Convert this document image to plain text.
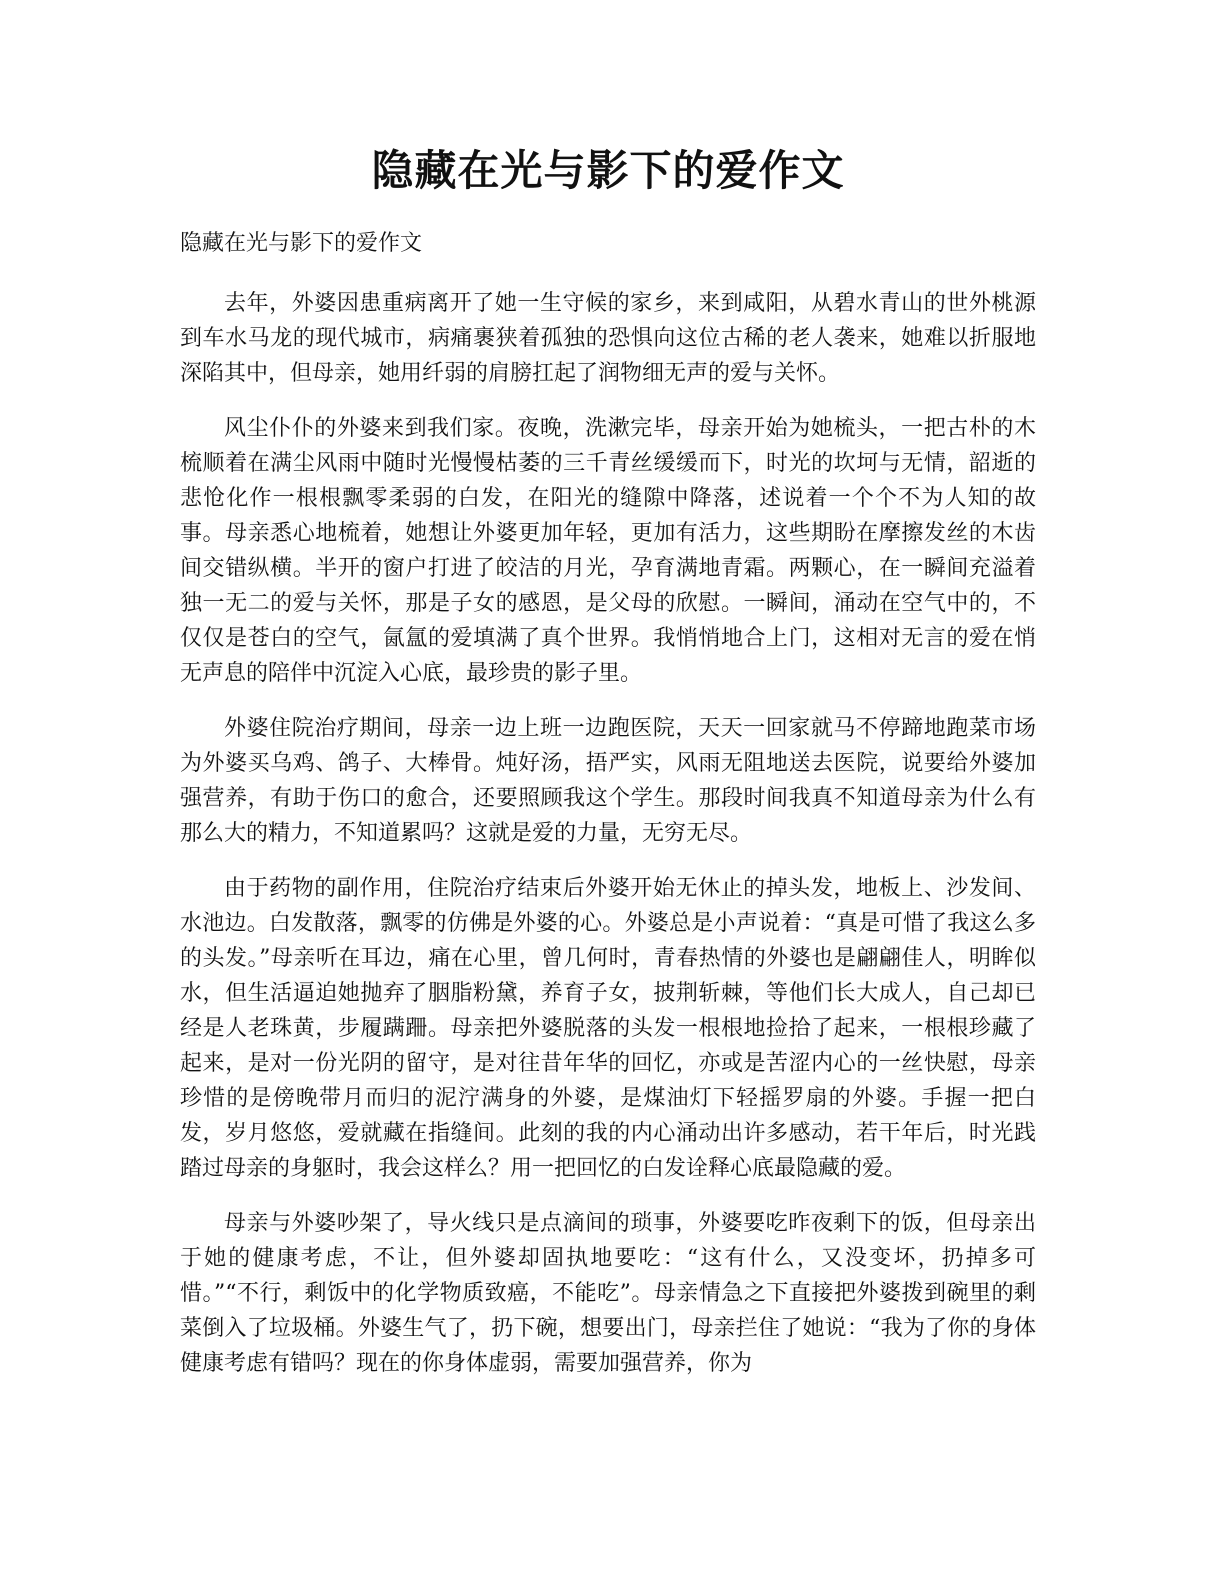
隐藏在光与影下的爱作文

隐藏在光与影下的爱作文

去年，外婆因患重病离开了她一生守候的家乡，来到咸阳，从碧水青山的世外桃源到车水马龙的现代城市，病痛裹狭着孤独的恐惧向这位古稀的老人袭来，她难以折服地深陷其中，但母亲，她用纤弱的肩膀扛起了润物细无声的爱与关怀。

风尘仆仆的外婆来到我们家。夜晚，洗漱完毕，母亲开始为她梳头，一把古朴的木梳顺着在满尘风雨中随时光慢慢枯萎的三千青丝缓缓而下，时光的坎坷与无情，韶逝的悲怆化作一根根飘零柔弱的白发，在阳光的缝隙中降落，述说着一个个不为人知的故事。母亲悉心地梳着，她想让外婆更加年轻，更加有活力，这些期盼在摩擦发丝的木齿间交错纵横。半开的窗户打进了皎洁的月光，孕育满地青霜。两颗心，在一瞬间充溢着独一无二的爱与关怀，那是子女的感恩，是父母的欣慰。一瞬间，涌动在空气中的，不仅仅是苍白的空气，氤氲的爱填满了真个世界。我悄悄地合上门，这相对无言的爱在悄无声息的陪伴中沉淀入心底，最珍贵的影子里。

外婆住院治疗期间，母亲一边上班一边跑医院，天天一回家就马不停蹄地跑菜市场为外婆买乌鸡、鸽子、大棒骨。炖好汤，捂严实，风雨无阻地送去医院，说要给外婆加强营养，有助于伤口的愈合，还要照顾我这个学生。那段时间我真不知道母亲为什么有那么大的精力，不知道累吗？这就是爱的力量，无穷无尽。

由于药物的副作用，住院治疗结束后外婆开始无休止的掉头发，地板上、沙发间、水池边。白发散落，飘零的仿佛是外婆的心。外婆总是小声说着：“真是可惜了我这么多的头发。”母亲听在耳边，痛在心里，曾几何时，青春热情的外婆也是翩翩佳人，明眸似水，但生活逼迫她抛弃了胭脂粉黛，养育子女，披荆斩棘，等他们长大成人，自己却已经是人老珠黄，步履蹒跚。母亲把外婆脱落的头发一根根地捡拾了起来，一根根珍藏了起来，是对一份光阴的留守，是对往昔年华的回忆，亦或是苦涩内心的一丝快慰，母亲珍惜的是傍晚带月而归的泥泞满身的外婆，是煤油灯下轻摇罗扇的外婆。手握一把白发，岁月悠悠，爱就藏在指缝间。此刻的我的内心涌动出许多感动，若干年后，时光践踏过母亲的身躯时，我会这样么？用一把回忆的白发诠释心底最隐藏的爱。

母亲与外婆吵架了，导火线只是点滴间的琐事，外婆要吃昨夜剩下的饭，但母亲出于她的健康考虑，不让，但外婆却固执地要吃：“这有什么，又没变坏，扔掉多可惜。”“不行，剩饭中的化学物质致癌，不能吃”。母亲情急之下直接把外婆拨到碗里的剩菜倒入了垃圾桶。外婆生气了，扔下碗，想要出门，母亲拦住了她说：“我为了你的身体健康考虑有错吗？现在的你身体虚弱，需要加强营养，你为
